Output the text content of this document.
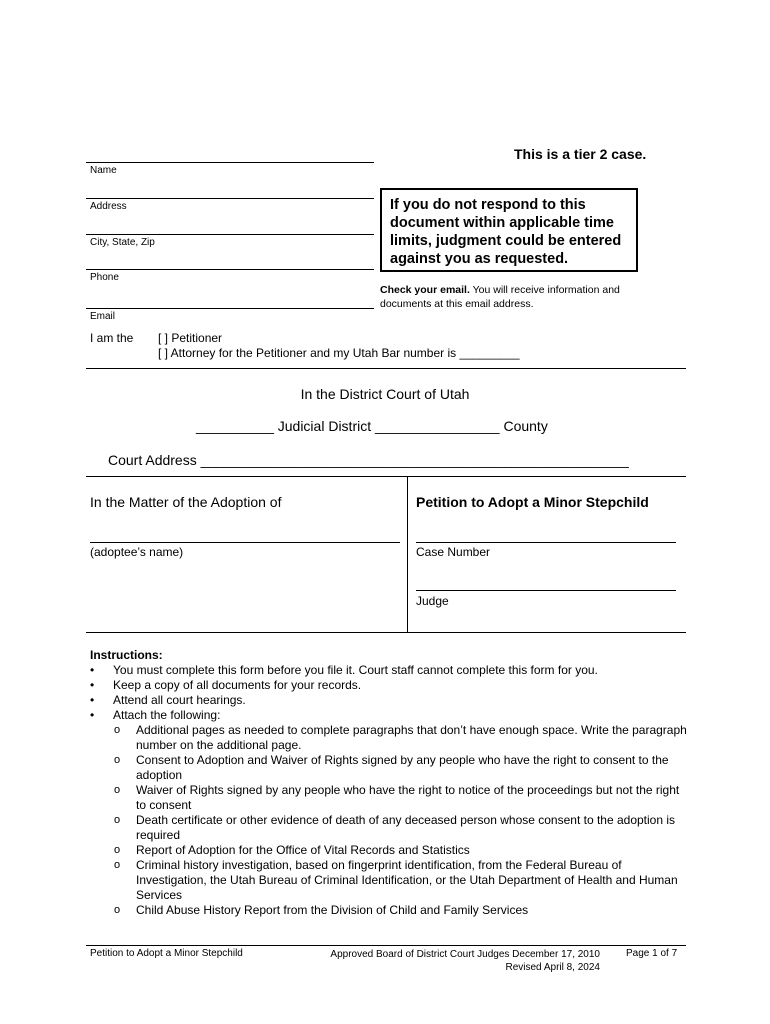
This is a tier 2 case.
Name
Address
City, State, Zip
Phone
Email
If you do not respond to this document within applicable time limits, judgment could be entered against you as requested.
Check your email. You will receive information and documents at this email address.
I am the [ ] Petitioner
[ ] Attorney for the Petitioner and my Utah Bar number is _________
In the District Court of Utah
__________ Judicial District ________________ County
Court Address _______________________________________________________
In the Matter of the Adoption of
(adoptee’s name)
Petition to Adopt a Minor Stepchild
Case Number
Judge
Instructions:
• You must complete this form before you file it. Court staff cannot complete this form for you.
• Keep a copy of all documents for your records.
• Attend all court hearings.
• Attach the following:
o Additional pages as needed to complete paragraphs that don’t have enough space. Write the paragraph number on the additional page.
o Consent to Adoption and Waiver of Rights signed by any people who have the right to consent to the adoption
o Waiver of Rights signed by any people who have the right to notice of the proceedings but not the right to consent
o Death certificate or other evidence of death of any deceased person whose consent to the adoption is required
o Report of Adoption for the Office of Vital Records and Statistics
o Criminal history investigation, based on fingerprint identification, from the Federal Bureau of Investigation, the Utah Bureau of Criminal Identification, or the Utah Department of Health and Human Services
o Child Abuse History Report from the Division of Child and Family Services
Petition to Adopt a Minor Stepchild	Approved Board of District Court Judges December 17, 2010
Revised April 8, 2024
Page 1 of 7
